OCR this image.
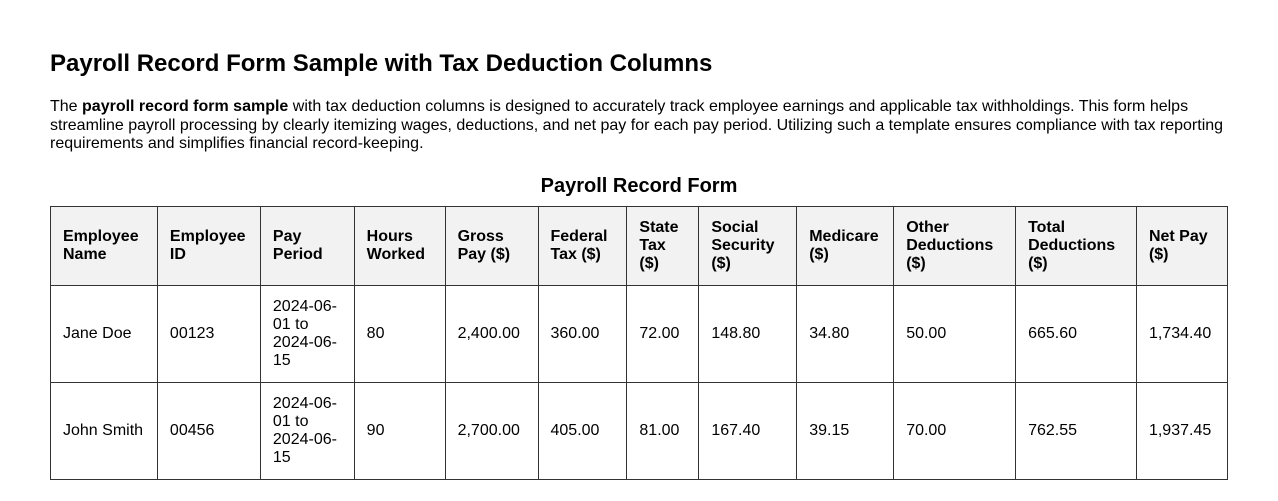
Payroll Record Form Sample with Tax Deduction Columns

The payroll record form sample with tax deduction columns is designed to accurately track employee earnings and applicable tax withholdings. This form helps streamline payroll processing by clearly itemizing wages, deductions, and net pay for each pay period. Utilizing such a template ensures compliance with tax reporting requirements and simplifies financial record-keeping.

Payroll Record Form
Employee Name	Employee ID	Pay Period	Hours Worked	Gross Pay ($)	Federal Tax ($)	State Tax ($)	Social Security ($)	Medicare ($)	Other Deductions ($)	Total Deductions ($)	Net Pay ($)
Jane Doe	00123	2024-06-01 to 2024-06-15	80	2,400.00	360.00	72.00	148.80	34.80	50.00	665.60	1,734.40
John Smith	00456	2024-06-01 to 2024-06-15	90	2,700.00	405.00	81.00	167.40	39.15	70.00	762.55	1,937.45
